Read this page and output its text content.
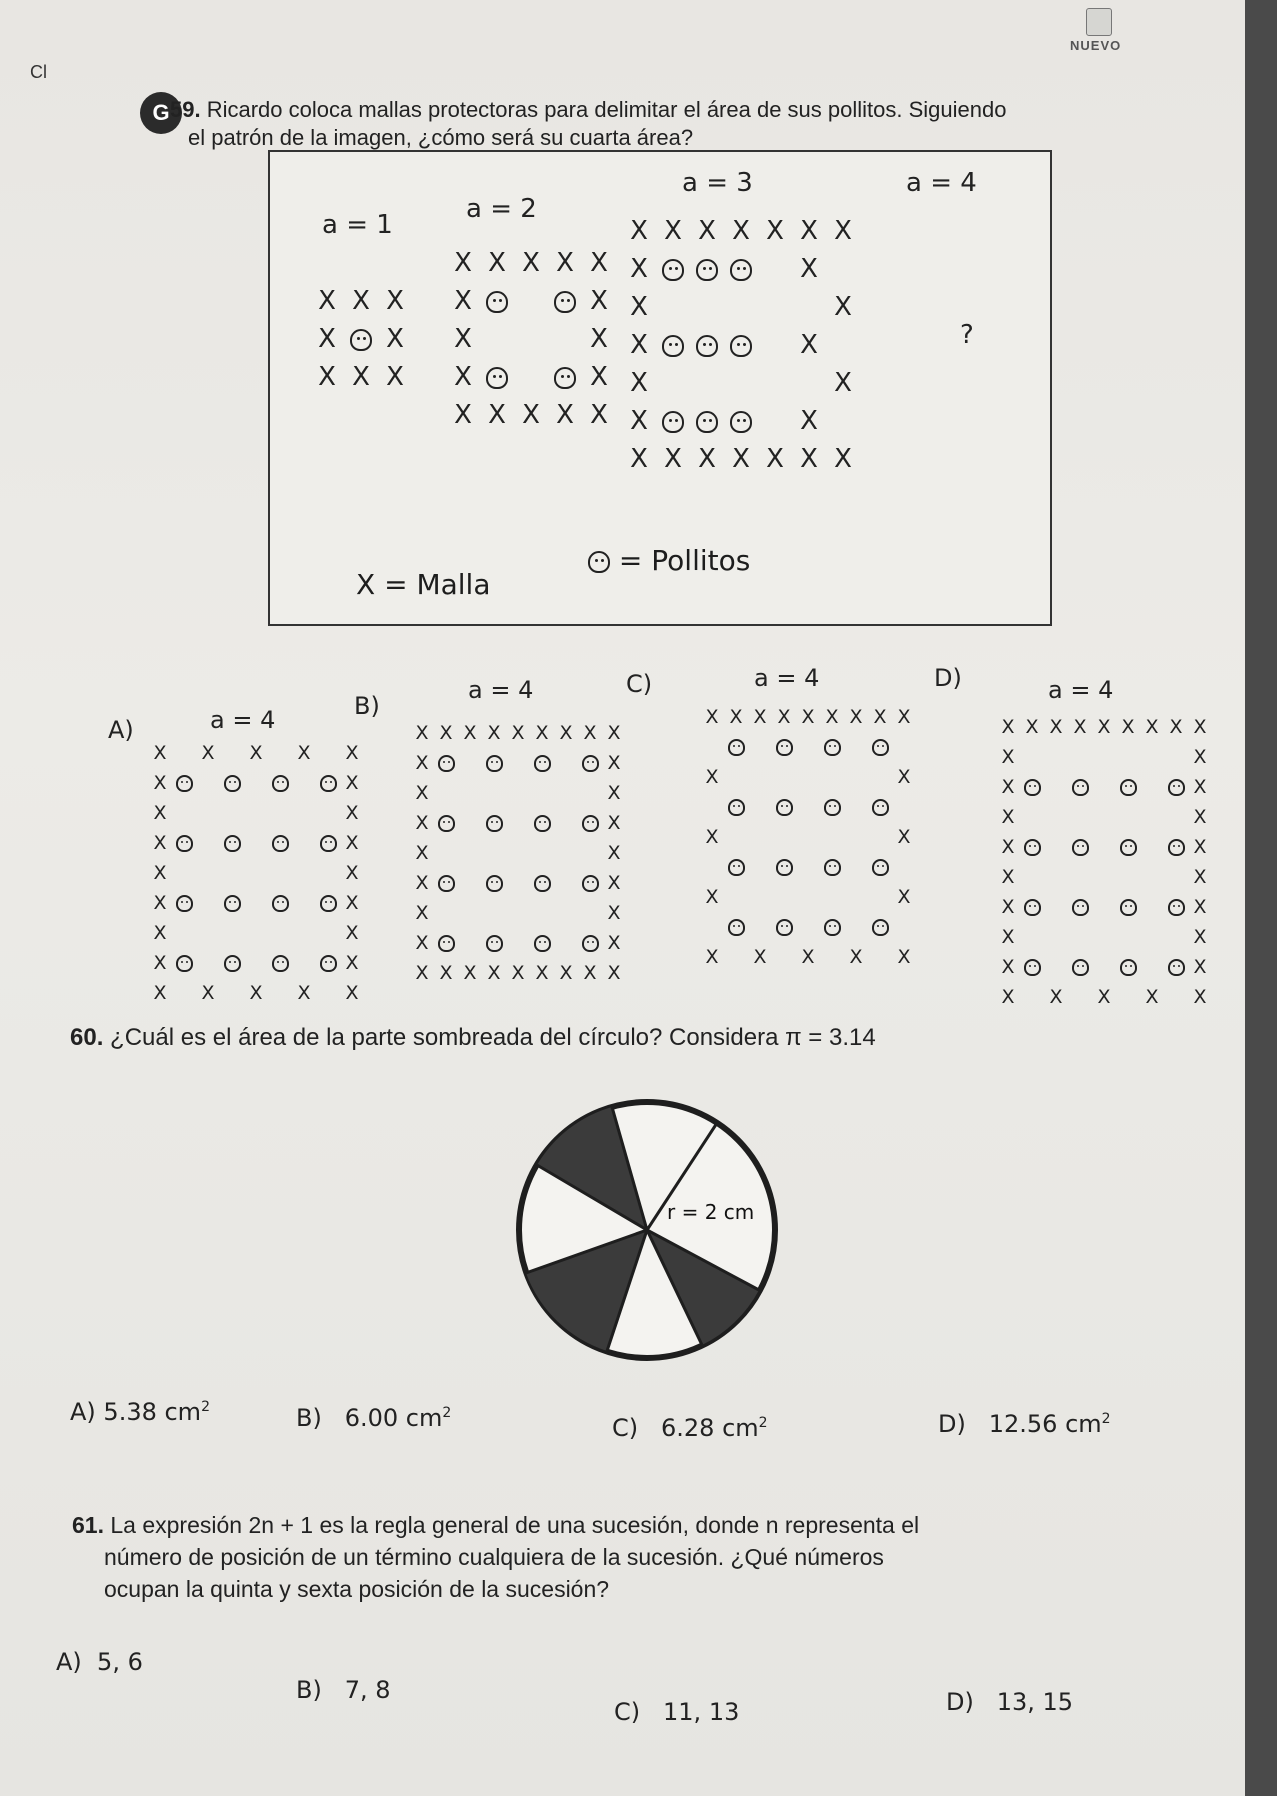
Cl
NUEVO
G 59. Ricardo coloca mallas protectoras para delimitar el área de sus pollitos. Siguiendo
el patrón de la imagen, ¿cómo será su cuarta área?
a = 1
a = 2
a = 3	a = 4
?
X X X
X	X
X X X
X X X X X
X	X
X	X
X	X
X X X X X
X X X X X X X
X	X
X	X
X	X
X	X
X	X
X X X X X X X
X = Malla
= Pollitos
A)	a = 4
X X X X X
X	X
X	X
X	X
X	X
X	X
X	X
X	X
X X X X X
B)
a = 4
X X X X X X X X X
X	X
X	X
X	X
X	X
X	X
X	X
X	X
X X X X X X X X X
C)	a = 4
X X X X X X X X X
X	X
X	X
X	X
X X X X X
D)	a = 4
X X X X X X X X X
X	X
X	X
X	X
X	X
X	X
X	X
X	X
X	X
X X X X X
60. ¿Cuál es el área de la parte sombreada del círculo? Considera π = 3.14
r = 2 cm
A) 5.38 $cm^2$	B) 6.00 $cm^2$
C) 6.28 $cm^2$	D) 12.56 $cm^2$
61. La expresión 2n + 1 es la regla general de una sucesión, donde n representa el
número de posición de un término cualquiera de la sucesión. ¿Qué números
ocupan la quinta y sexta posición de la sucesión?
A) 5, 6
B) 7, 8
C) 11, 13	D) 13, 15
